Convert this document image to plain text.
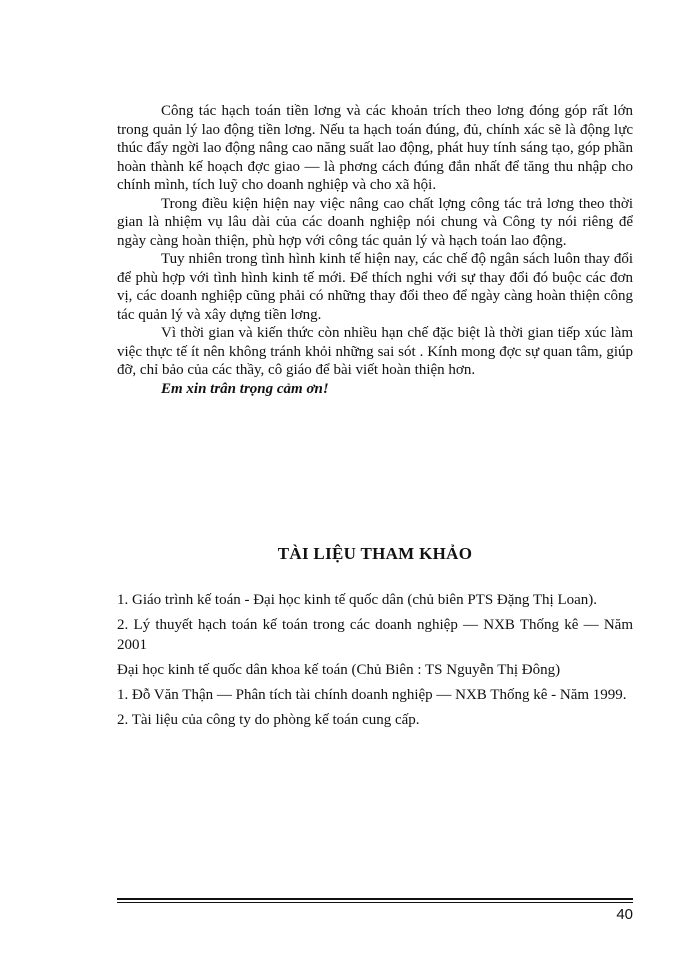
Công tác hạch toán tiền lơng và các khoản trích theo lơng đóng góp rất lớn trong quản lý lao động tiền lơng. Nếu ta hạch toán đúng, đủ, chính xác sẽ là động lực thúc đẩy ngời lao động nâng cao năng suất lao động, phát huy tính sáng tạo, góp phần hoàn thành kế hoạch đợc giao — là phơng cách đúng đắn nhất để tăng thu nhập cho chính mình, tích luỹ cho doanh nghiệp và cho xã hội.

Trong điều kiện hiện nay việc nâng cao chất lợng công tác trả lơng theo thời gian là nhiệm vụ lâu dài của các doanh nghiệp nói chung và Công ty nói riêng để ngày càng hoàn thiện, phù hợp với công tác quản lý và hạch toán lao động.

Tuy nhiên trong tình hình kinh tế hiện nay, các chế độ ngân sách luôn thay đổi để phù hợp với tình hình kinh tế mới. Để thích nghi với sự thay đổi đó buộc các đơn vị, các doanh nghiệp cũng phải có những thay đổi theo để ngày càng hoàn thiện công tác quản lý và xây dựng tiền lơng.

Vì thời gian và kiến thức còn nhiều hạn chế đặc biệt là thời gian tiếp xúc làm việc thực tế ít nên không tránh khỏi những sai sót . Kính mong đợc sự quan tâm, giúp đỡ, chỉ bảo của các thầy, cô giáo để bài viết hoàn thiện hơn.

Em xin trân trọng cảm ơn!

TÀI LIỆU THAM KHẢO

1. Giáo trình kế toán - Đại học kinh tế quốc dân (chủ biên PTS Đặng Thị Loan).

2. Lý thuyết hạch toán kế toán trong các doanh nghiệp — NXB Thống kê — Năm 2001

Đại học kinh tế quốc dân khoa kế toán (Chủ Biên : TS Nguyễn Thị Đông)

1. Đỗ Văn Thận — Phân tích tài chính doanh nghiệp — NXB Thống kê - Năm 1999.

2. Tài liệu của công ty do phòng kế toán cung cấp.

40
